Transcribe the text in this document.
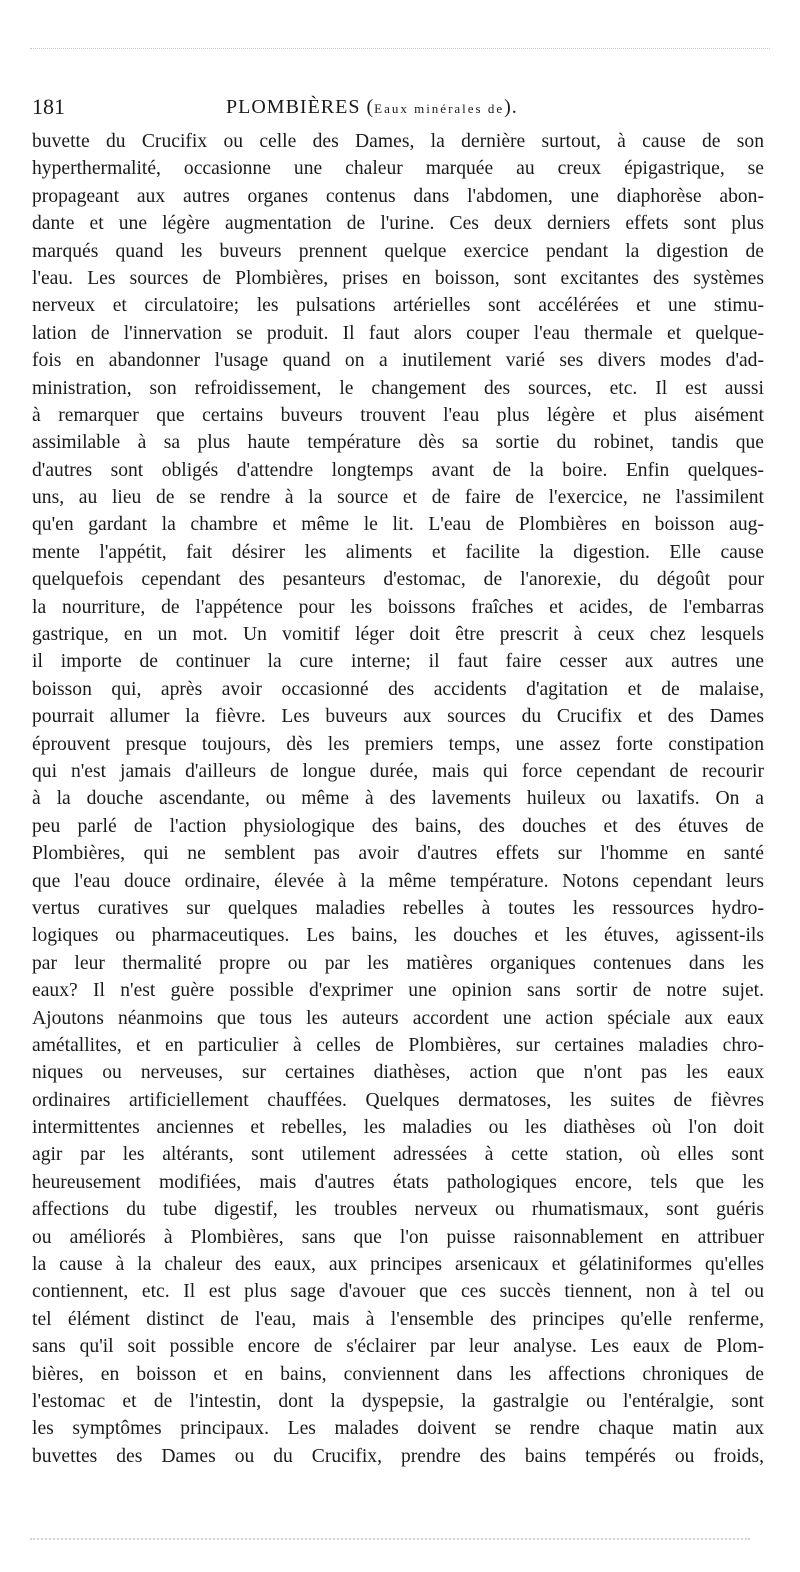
181	PLOMBIÈRES (Eaux minérales de).
buvette du Crucifix ou celle des Dames, la dernière surtout, à cause de son
hyperthermalité, occasionne une chaleur marquée au creux épigastrique, se
propageant aux autres organes contenus dans l'abdomen, une diaphorèse abon-
dante et une légère augmentation de l'urine. Ces deux derniers effets sont plus
marqués quand les buveurs prennent quelque exercice pendant la digestion de
l'eau. Les sources de Plombières, prises en boisson, sont excitantes des systèmes
nerveux et circulatoire; les pulsations artérielles sont accélérées et une stimu-
lation de l'innervation se produit. Il faut alors couper l'eau thermale et quelque-
fois en abandonner l'usage quand on a inutilement varié ses divers modes d'ad-
ministration, son refroidissement, le changement des sources, etc. Il est aussi
à remarquer que certains buveurs trouvent l'eau plus légère et plus aisément
assimilable à sa plus haute température dès sa sortie du robinet, tandis que
d'autres sont obligés d'attendre longtemps avant de la boire. Enfin quelques-
uns, au lieu de se rendre à la source et de faire de l'exercice, ne l'assimilent
qu'en gardant la chambre et même le lit. L'eau de Plombières en boisson aug-
mente l'appétit, fait désirer les aliments et facilite la digestion. Elle cause
quelquefois cependant des pesanteurs d'estomac, de l'anorexie, du dégoût pour
la nourriture, de l'appétence pour les boissons fraîches et acides, de l'embarras
gastrique, en un mot. Un vomitif léger doit être prescrit à ceux chez lesquels
il importe de continuer la cure interne; il faut faire cesser aux autres une
boisson qui, après avoir occasionné des accidents d'agitation et de malaise,
pourrait allumer la fièvre. Les buveurs aux sources du Crucifix et des Dames
éprouvent presque toujours, dès les premiers temps, une assez forte constipation
qui n'est jamais d'ailleurs de longue durée, mais qui force cependant de recourir
à la douche ascendante, ou même à des lavements huileux ou laxatifs. On a
peu parlé de l'action physiologique des bains, des douches et des étuves de
Plombières, qui ne semblent pas avoir d'autres effets sur l'homme en santé
que l'eau douce ordinaire, élevée à la même température. Notons cependant leurs
vertus curatives sur quelques maladies rebelles à toutes les ressources hydro-
logiques ou pharmaceutiques. Les bains, les douches et les étuves, agissent-ils
par leur thermalité propre ou par les matières organiques contenues dans les
eaux? Il n'est guère possible d'exprimer une opinion sans sortir de notre sujet.
Ajoutons néanmoins que tous les auteurs accordent une action spéciale aux eaux
amétallites, et en particulier à celles de Plombières, sur certaines maladies chro-
niques ou nerveuses, sur certaines diathèses, action que n'ont pas les eaux
ordinaires artificiellement chauffées. Quelques dermatoses, les suites de fièvres
intermittentes anciennes et rebelles, les maladies ou les diathèses où l'on doit
agir par les altérants, sont utilement adressées à cette station, où elles sont
heureusement modifiées, mais d'autres états pathologiques encore, tels que les
affections du tube digestif, les troubles nerveux ou rhumatismaux, sont guéris
ou améliorés à Plombières, sans que l'on puisse raisonnablement en attribuer
la cause à la chaleur des eaux, aux principes arsenicaux et gélatiniformes qu'elles
contiennent, etc. Il est plus sage d'avouer que ces succès tiennent, non à tel ou
tel élément distinct de l'eau, mais à l'ensemble des principes qu'elle renferme,
sans qu'il soit possible encore de s'éclairer par leur analyse. Les eaux de Plom-
bières, en boisson et en bains, conviennent dans les affections chroniques de
l'estomac et de l'intestin, dont la dyspepsie, la gastralgie ou l'entéralgie, sont
les symptômes principaux. Les malades doivent se rendre chaque matin aux
buvettes des Dames ou du Crucifix, prendre des bains tempérés ou froids,
